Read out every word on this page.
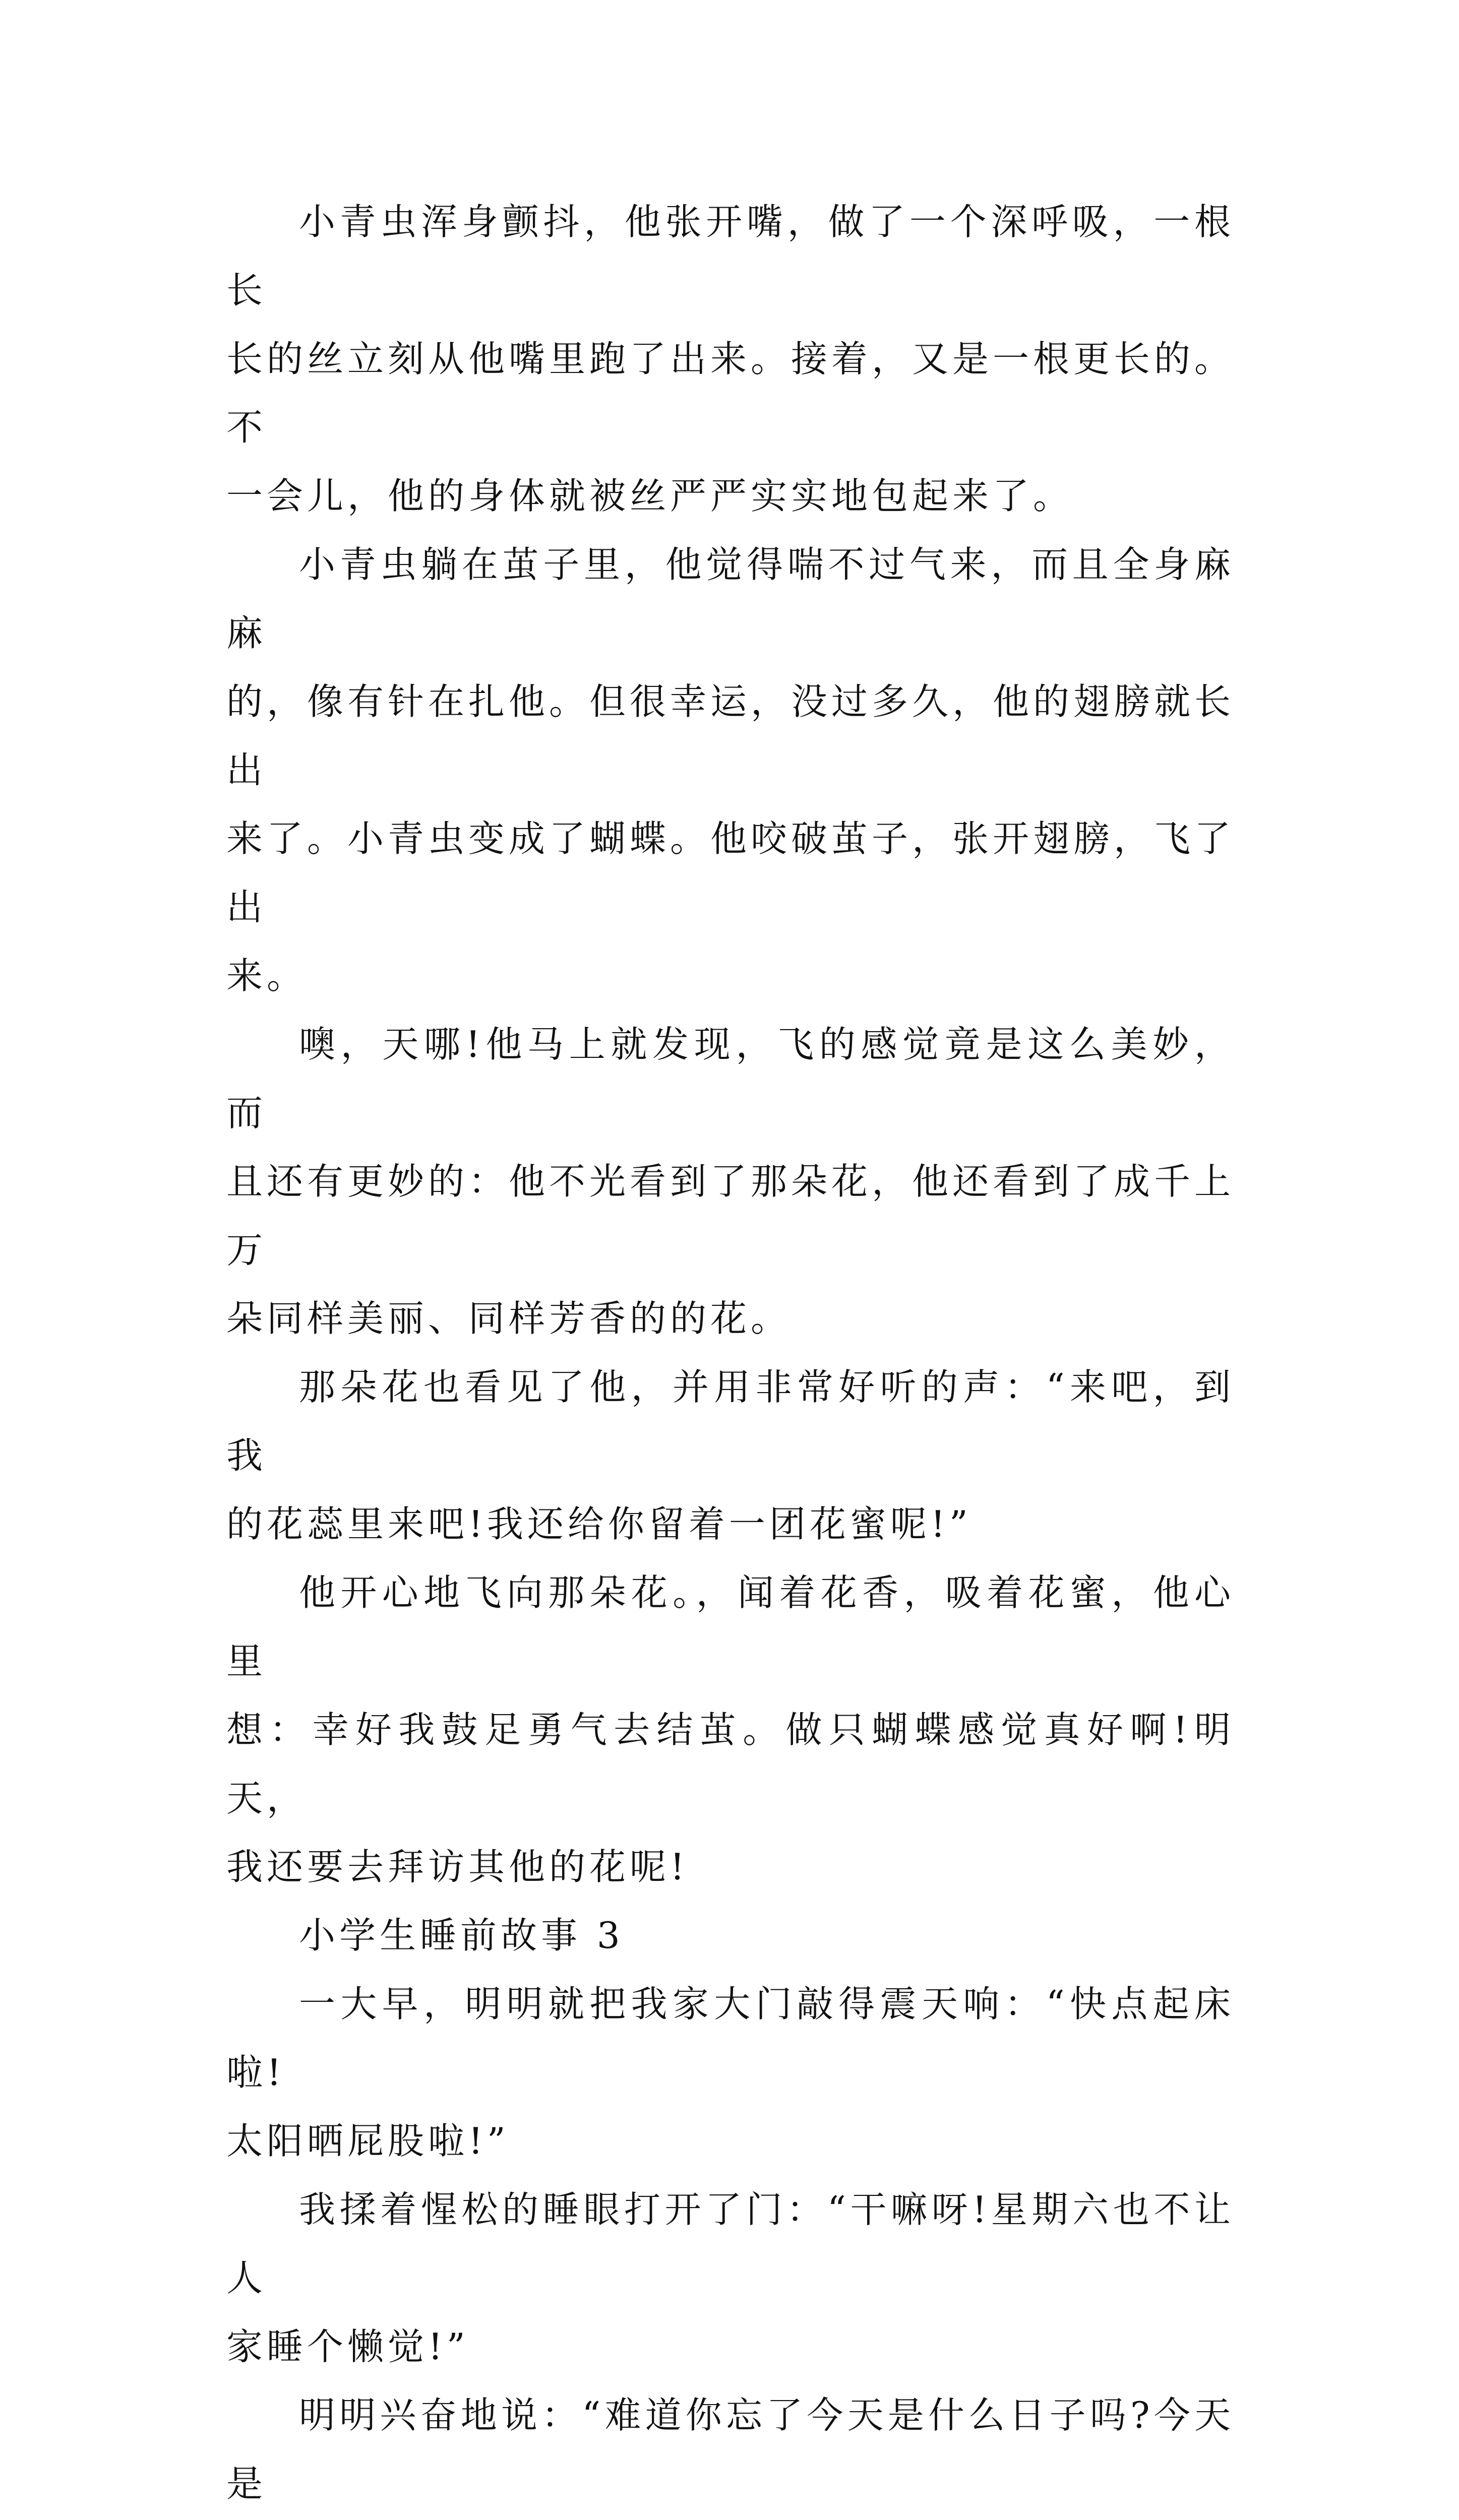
小青虫浑身颤抖，他张开嘴，做了一个深呼吸，一根长
长的丝立刻从他嘴里跑了出来。接着，又是一根更长的。不
一会儿，他的身体就被丝严严实实地包起来了。

小青虫躺在茧子里，他觉得喘不过气来，而且全身麻麻
的，像有针在扎他。但很幸运，没过多久，他的翅膀就长出
来了。小青虫变成了蝴蝶。他咬破茧子，张开翅膀，飞了出
来。

噢，天哪!他马上就发现，飞的感觉竟是这么美妙，而
且还有更妙的：他不光看到了那朵花，他还看到了成千上万
朵同样美丽、同样芳香的的花。

那朵花也看见了他，并用非常好听的声：“来吧，到我
的花蕊里来吧!我还给你留着一团花蜜呢!”

他开心地飞向那朵花。，闻着花香，吸着花蜜，他心里
想：幸好我鼓足勇气去结茧。做只蝴蝶感觉真好啊!明天，
我还要去拜访其他的花呢!

小学生睡前故事 3

一大早，明明就把我家大门敲得震天响：“快点起床啦!
太阳晒屁股啦!”

我揉着惺松的睡眼打开了门：“干嘛呀!星期六也不让人
家睡个懒觉!”

明明兴奋地说：“难道你忘了今天是什么日子吗?今天是
